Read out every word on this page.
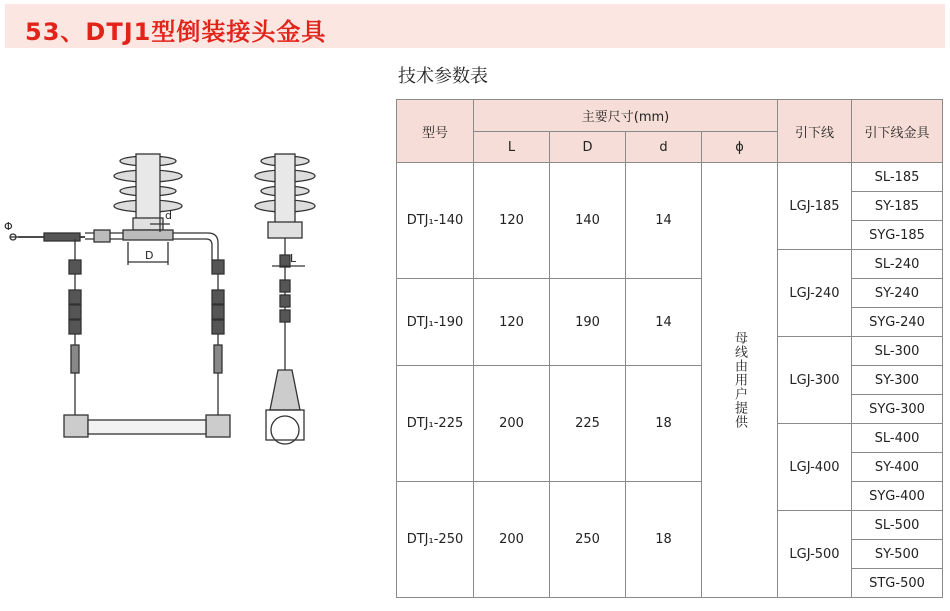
53、DTJ1型倒装接头金具
技术参数表
d
D	L
Φ
型号	主要尺寸(mm)				引下线	引下线金具
	L	D	d	ϕ		
DTJ₁-140	120	140	14	母线由用户提供	LGJ-185	SL-185
						SY-185
						SYG-185
					LGJ-240	SL-240
DTJ₁-190	120	190	14			SY-240
						SYG-240
					LGJ-300	SL-300
DTJ₁-225	200	225	18			SY-300
						SYG-300
					LGJ-400	SL-400
						SY-400
DTJ₁-250	200	250	18			SYG-400
					LGJ-500	SL-500
						SY-500
						STG-500
